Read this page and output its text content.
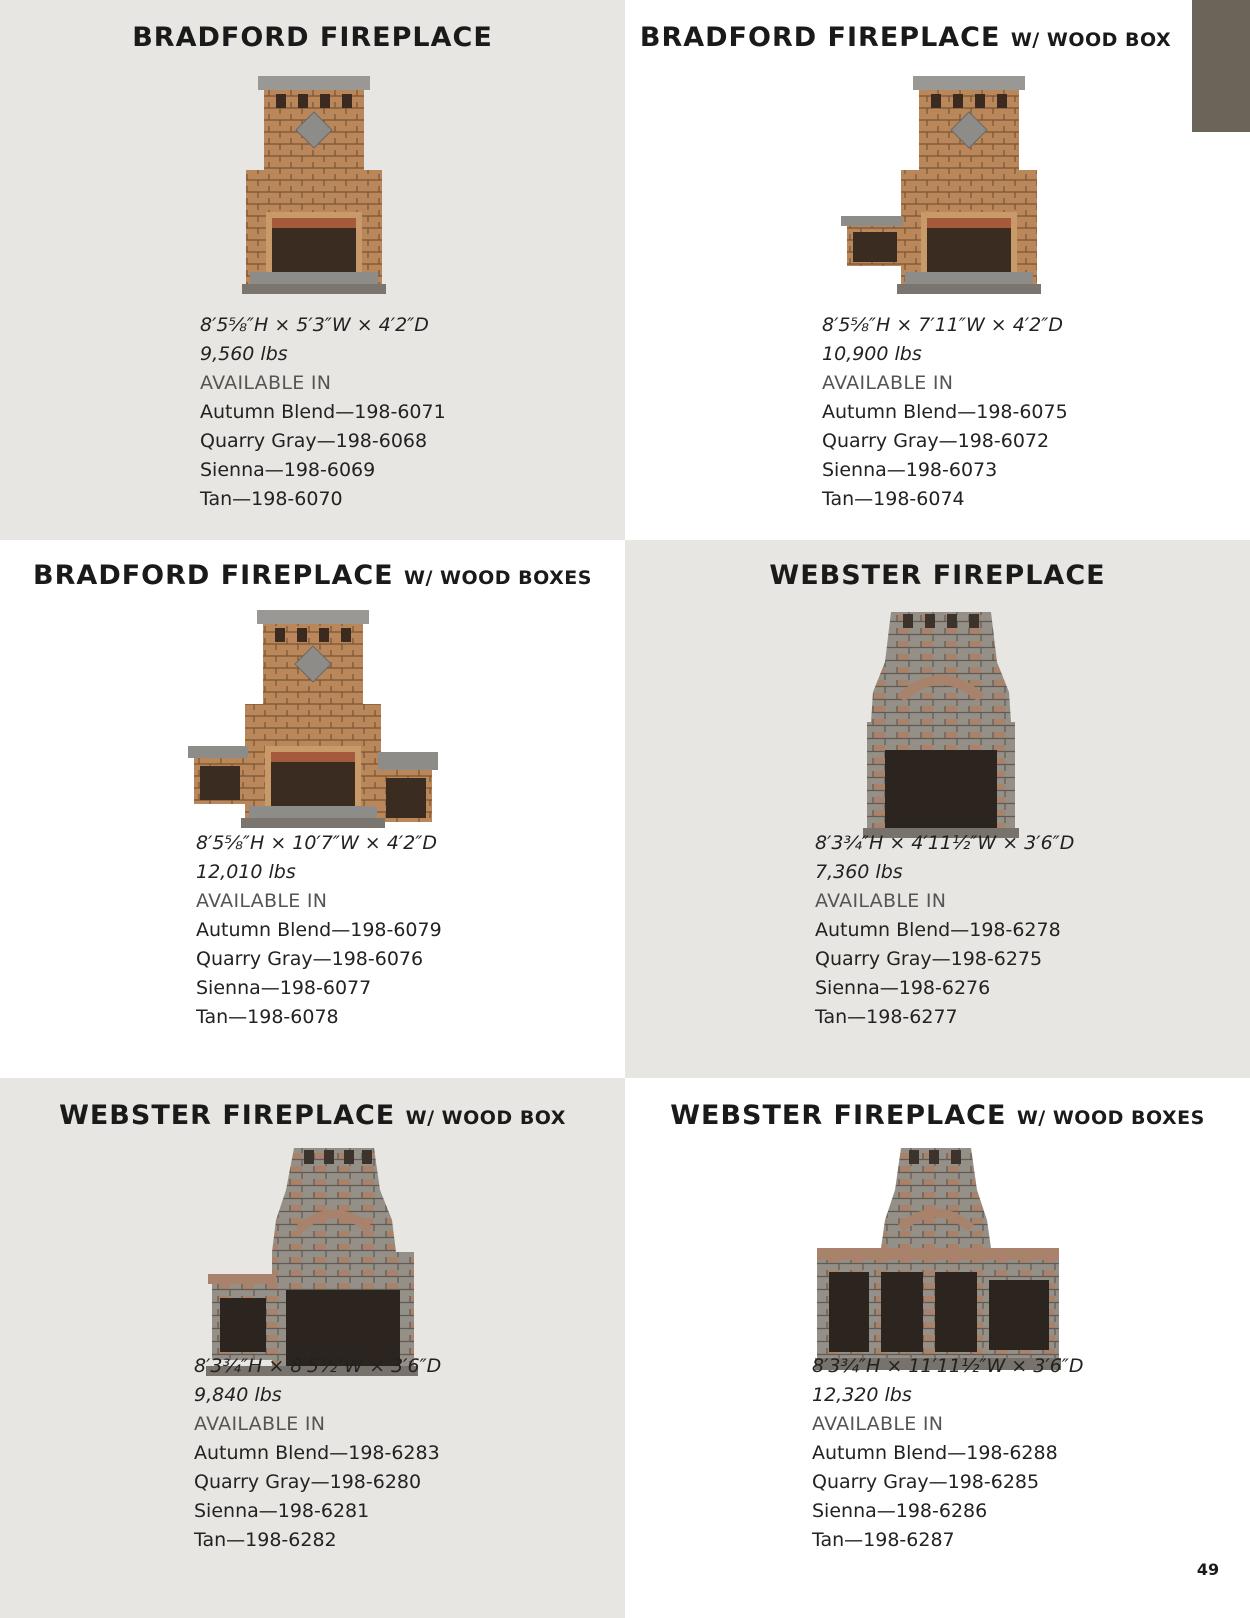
BRADFORD FIREPLACE
8′5⅝″H × 5′3″W × 4′2″D
9,560 lbs
AVAILABLE IN
Autumn Blend—198-6071
Quarry Gray—198-6068
Sienna—198-6069
Tan—198-6070
BRADFORD FIREPLACE W/ WOOD BOX
8′5⅝″H × 7′11″W × 4′2″D
10,900 lbs
AVAILABLE IN
Autumn Blend—198-6075
Quarry Gray—198-6072
Sienna—198-6073
Tan—198-6074
BRADFORD FIREPLACE W/ WOOD BOXES
8′5⅝″H × 10′7″W × 4′2″D
12,010 lbs
AVAILABLE IN
Autumn Blend—198-6079
Quarry Gray—198-6076
Sienna—198-6077
Tan—198-6078
WEBSTER FIREPLACE
8′3¾″H × 4′11½″W × 3′6″D
7,360 lbs
AVAILABLE IN
Autumn Blend—198-6278
Quarry Gray—198-6275
Sienna—198-6276
Tan—198-6277
WEBSTER FIREPLACE W/ WOOD BOX
8′3¾″H × 8′5½″W × 3′6″D
9,840 lbs
AVAILABLE IN
Autumn Blend—198-6283
Quarry Gray—198-6280
Sienna—198-6281
Tan—198-6282
WEBSTER FIREPLACE W/ WOOD BOXES
8′3¾″H × 11′11½″W × 3′6″D
12,320 lbs
AVAILABLE IN
Autumn Blend—198-6288
Quarry Gray—198-6285
Sienna—198-6286
Tan—198-6287
49
